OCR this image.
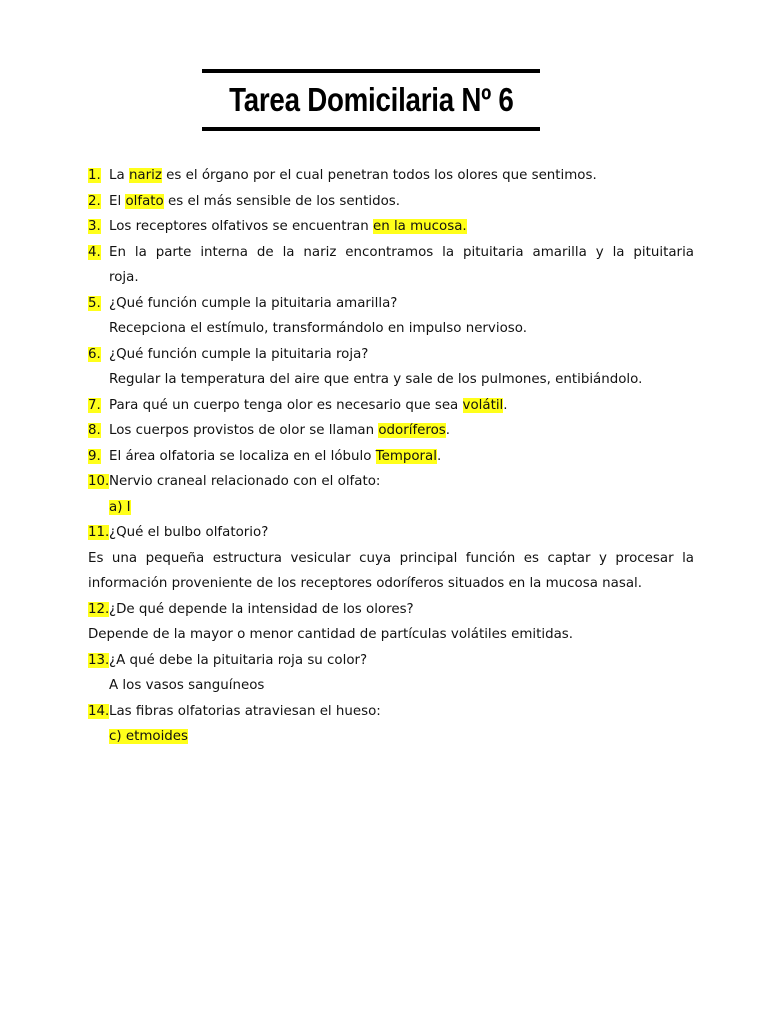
Tarea Domicilaria Nº 6
1. La nariz es el órgano por el cual penetran todos los olores que sentimos.
2. El olfato es el más sensible de los sentidos.
3. Los receptores olfativos se encuentran en la mucosa.
4. En la parte interna de la nariz encontramos la pituitaria amarilla y la pituitaria
roja.
5. ¿Qué función cumple la pituitaria amarilla?
Recepciona el estímulo, transformándolo en impulso nervioso.
6. ¿Qué función cumple la pituitaria roja?
Regular la temperatura del aire que entra y sale de los pulmones, entibiándolo.
7. Para qué un cuerpo tenga olor es necesario que sea volátil.
8. Los cuerpos provistos de olor se llaman odoríferos.
9. El área olfatoria se localiza en el lóbulo Temporal.
10.Nervio craneal relacionado con el olfato:
a) I
11.¿Qué el bulbo olfatorio?
Es una pequeña estructura vesicular cuya principal función es captar y procesar la
información proveniente de los receptores odoríferos situados en la mucosa nasal.
12.¿De qué depende la intensidad de los olores?
Depende de la mayor o menor cantidad de partículas volátiles emitidas.
13.¿A qué debe la pituitaria roja su color?
A los vasos sanguíneos
14.Las fibras olfatorias atraviesan el hueso:
c) etmoides
